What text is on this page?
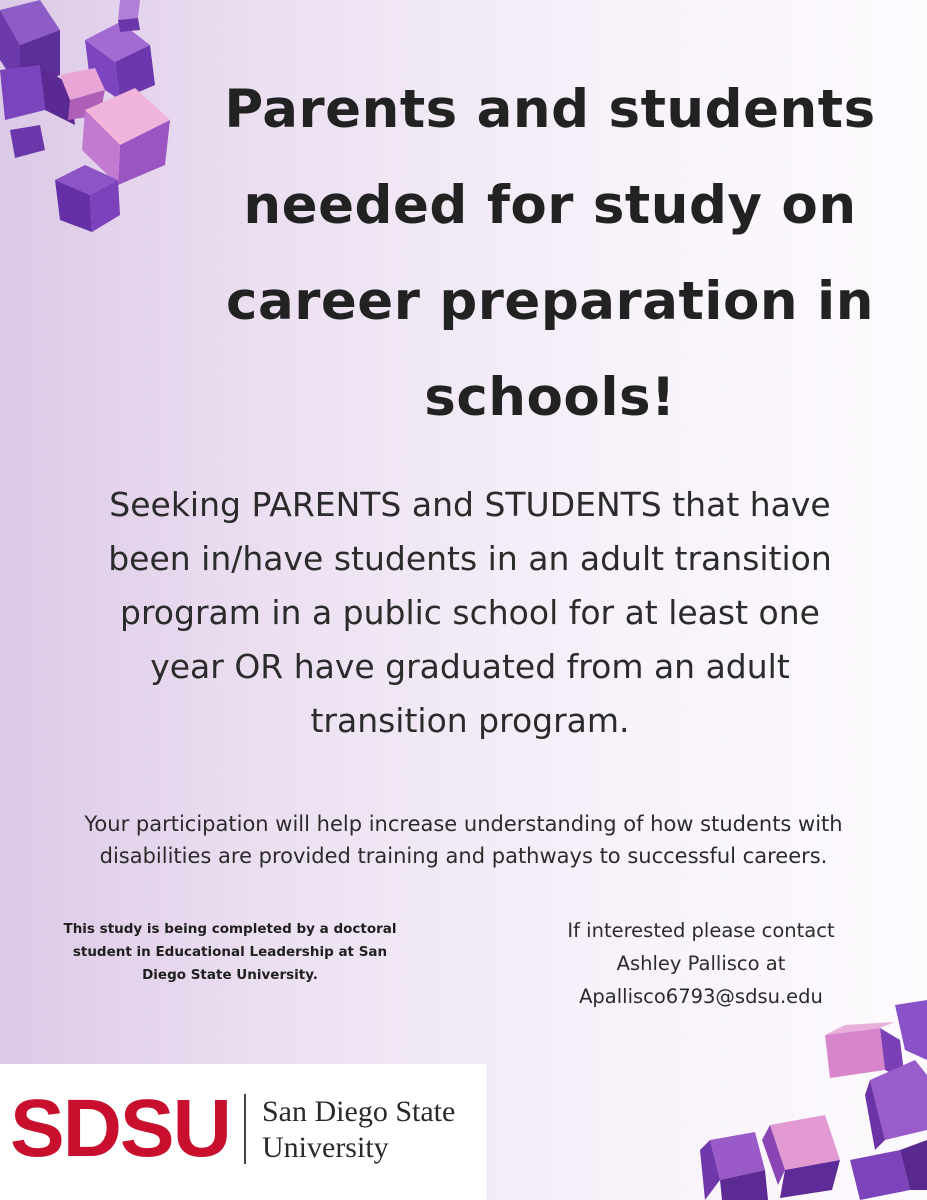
Parents and students
needed for study on
career preparation in
schools!

Seeking PARENTS and STUDENTS that have
been in/have students in an adult transition
program in a public school for at least one
year OR have graduated from an adult
transition program.

Your participation will help increase understanding of how students with
disabilities are provided training and pathways to successful careers.

This study is being completed by a doctoral
student in Educational Leadership at San
Diego State University.

If interested please contact
Ashley Pallisco at
Apallisco6793@sdsu.edu

SDSU San Diego State
University
